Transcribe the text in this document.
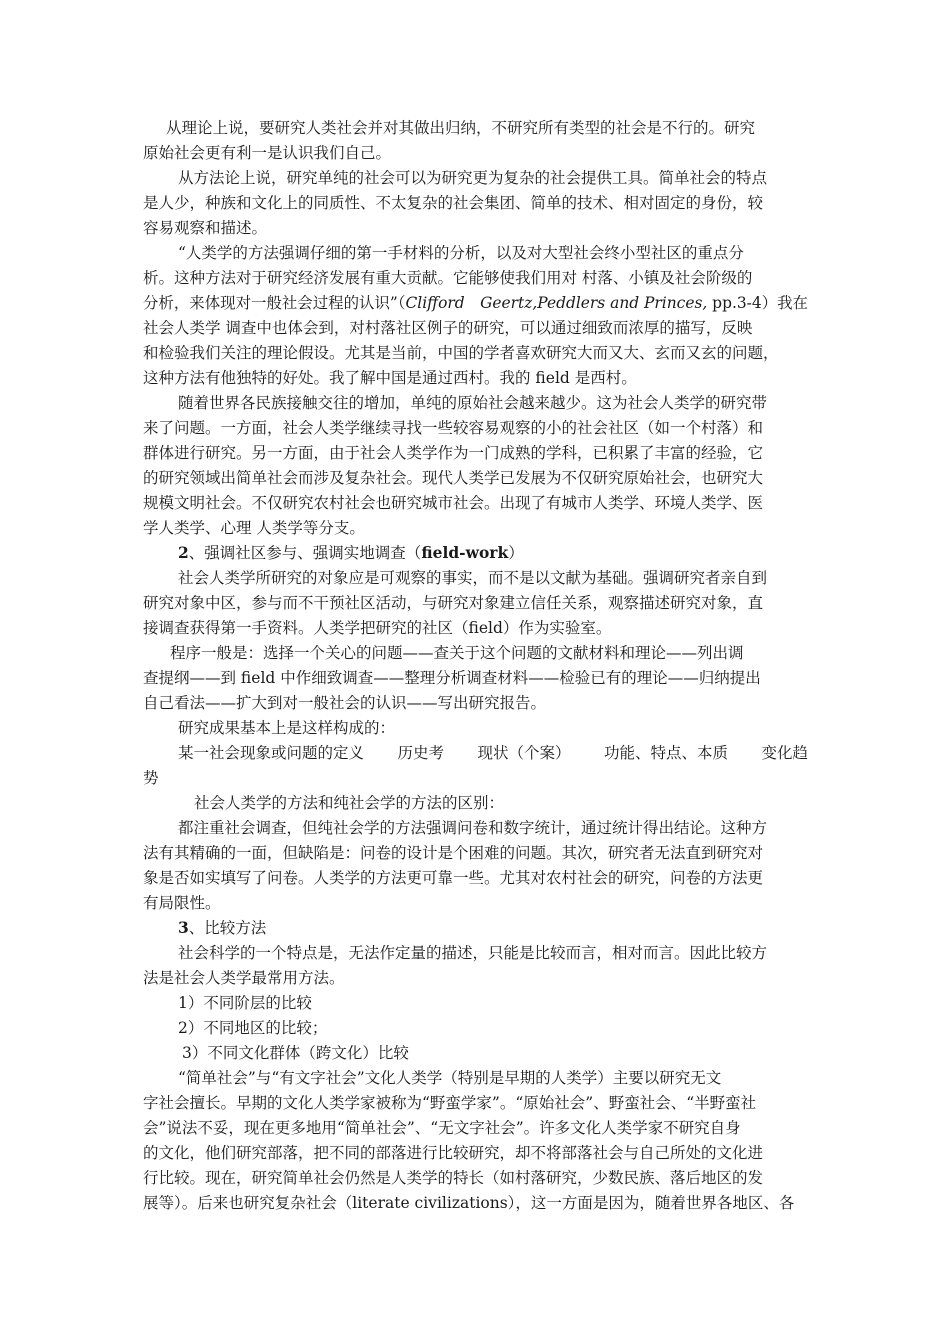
从理论上说，要研究人类社会并对其做出归纳，不研究所有类型的社会是不行的。研究
原始社会更有利一是认识我们自己。
从方法论上说，研究单纯的社会可以为研究更为复杂的社会提供工具。简单社会的特点
是人少，种族和文化上的同质性、不太复杂的社会集团、简单的技术、相对固定的身份，较
容易观察和描述。
“人类学的方法强调仔细的第一手材料的分析，以及对大型社会终小型社区的重点分
析。这种方法对于研究经济发展有重大贡献。它能够使我们用对 村落、小镇及社会阶级的
分析，来体现对一般社会过程的认识”（Clifford　Geertz,Peddlers and Princes, pp.3-4）我在
社会人类学 调查中也体会到，对村落社区例子的研究，可以通过细致而浓厚的描写，反映
和检验我们关注的理论假设。尤其是当前，中国的学者喜欢研究大而又大、玄而又玄的问题，
这种方法有他独特的好处。我了解中国是通过西村。我的 field 是西村。
随着世界各民族接触交往的增加，单纯的原始社会越来越少。这为社会人类学的研究带
来了问题。一方面，社会人类学继续寻找一些较容易观察的小的社会社区（如一个村落）和
群体进行研究。另一方面，由于社会人类学作为一门成熟的学科，已积累了丰富的经验，它
的研究领域出简单社会而涉及复杂社会。现代人类学已发展为不仅研究原始社会，也研究大
规模文明社会。不仅研究农村社会也研究城市社会。出现了有城市人类学、环境人类学、医
学人类学、心理 人类学等分支。
2、强调社区参与、强调实地调查（field-work）
社会人类学所研究的对象应是可观察的事实，而不是以文献为基础。强调研究者亲自到
研究对象中区，参与而不干预社区活动，与研究对象建立信任关系，观察描述研究对象，直
接调查获得第一手资料。人类学把研究的社区（field）作为实验室。
程序一般是：选择一个关心的问题——查关于这个问题的文献材料和理论——列出调
查提纲——到 field 中作细致调查——整理分析调查材料——检验已有的理论——归纳提出
自己看法——扩大到对一般社会的认识——写出研究报告。
研究成果基本上是这样构成的：
某一社会现象或问题的定义 历史考 现状（个案） 功能、特点、本质 变化趋
势
社会人类学的方法和纯社会学的方法的区别：
都注重社会调查，但纯社会学的方法强调问卷和数字统计，通过统计得出结论。这种方
法有其精确的一面，但缺陷是：问卷的设计是个困难的问题。其次，研究者无法直到研究对
象是否如实填写了问卷。人类学的方法更可靠一些。尤其对农村社会的研究，问卷的方法更
有局限性。
3、比较方法
社会科学的一个特点是，无法作定量的描述，只能是比较而言，相对而言。因此比较方
法是社会人类学最常用方法。
1）不同阶层的比较
2）不同地区的比较；
3）不同文化群体（跨文化）比较
“简单社会”与“有文字社会”文化人类学（特别是早期的人类学）主要以研究无文
字社会擅长。早期的文化人类学家被称为“野蛮学家”。“原始社会”、野蛮社会、“半野蛮社
会”说法不妥，现在更多地用“简单社会”、“无文字社会”。许多文化人类学家不研究自身
的文化，他们研究部落，把不同的部落进行比较研究，却不将部落社会与自己所处的文化进
行比较。现在，研究简单社会仍然是人类学的特长（如村落研究，少数民族、落后地区的发
展等）。后来也研究复杂社会（literate civilizations），这一方面是因为，随着世界各地区、各
